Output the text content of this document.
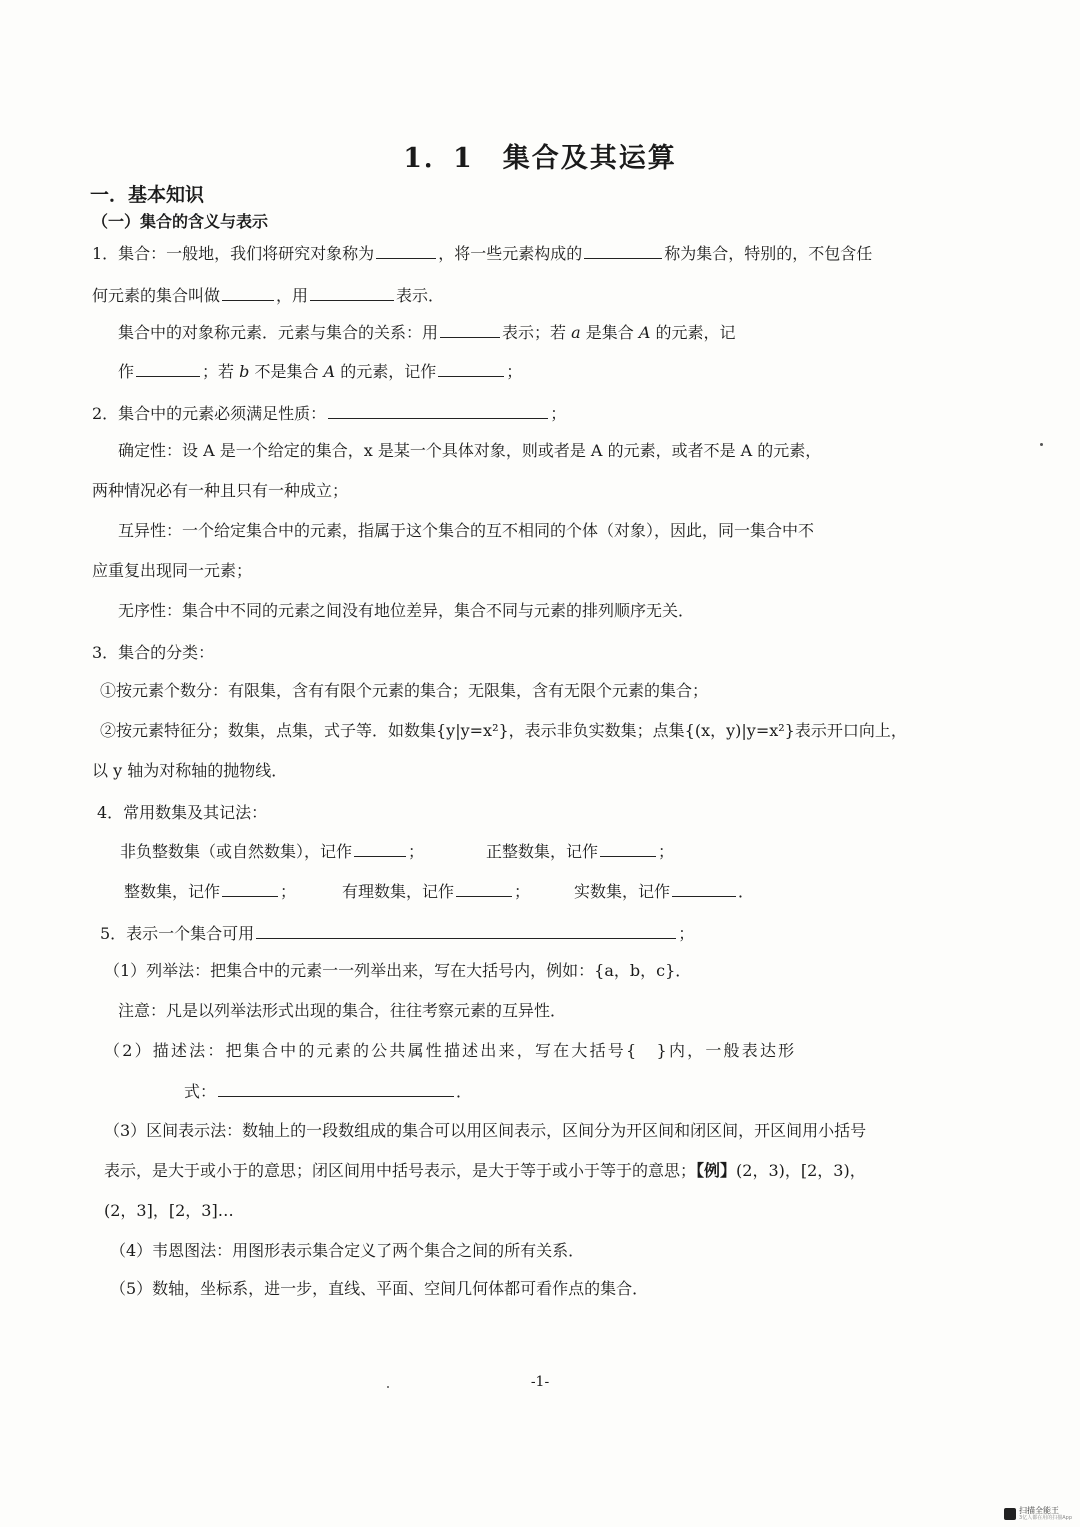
1．1　集合及其运算
一．基本知识
（一）集合的含义与表示
1．集合：一般地，我们将研究对象称为	，将一些元素构成的	称为集合，特别的，不包含任
何元素的集合叫做	，用	表示．
集合中的对象称元素．元素与集合的关系：用	表示；若 a 是集合 A 的元素，记
作	；若 b 不是集合 A 的元素，记作	；
2．集合中的元素必须满足性质：	；
确定性：设 A 是一个给定的集合，x 是某一个具体对象，则或者是 A 的元素，或者不是 A 的元素，
两种情况必有一种且只有一种成立；
互异性：一个给定集合中的元素，指属于这个集合的互不相同的个体（对象），因此，同一集合中不
应重复出现同一元素；
无序性：集合中不同的元素之间没有地位差异，集合不同与元素的排列顺序无关．
3．集合的分类：
①按元素个数分：有限集，含有有限个元素的集合；无限集，含有无限个元素的集合；
②按元素特征分；数集，点集，式子等．如数集{y|y=x²}，表示非负实数集；点集{(x，y)|y=x²}表示开口向上，
以 y 轴为对称轴的抛物线．
4．常用数集及其记法：
非负整数集（或自然数集），记作	；	正整数集，记作	；
整数集，记作	；	有理数集，记作	；	实数集，记作	．
5．表示一个集合可用	；
（1）列举法：把集合中的元素一一列举出来，写在大括号内，例如：{a，b，c}．
注意：凡是以列举法形式出现的集合，往往考察元素的互异性．
（2）描述法：把集合中的元素的公共属性描述出来，写在大括号{　}内，一般表达形
式：	．
（3）区间表示法：数轴上的一段数组成的集合可以用区间表示，区间分为开区间和闭区间，开区间用小括号
表示，是大于或小于的意思；闭区间用中括号表示，是大于等于或小于等于的意思；【例】(2，3)，[2，3)，
(2，3]，[2，3]…
（4）韦恩图法：用图形表示集合定义了两个集合之间的所有关系．
（5）数轴，坐标系，进一步，直线、平面、空间几何体都可看作点的集合．
-1-
扫描全能王
3亿人都在用的扫描App
